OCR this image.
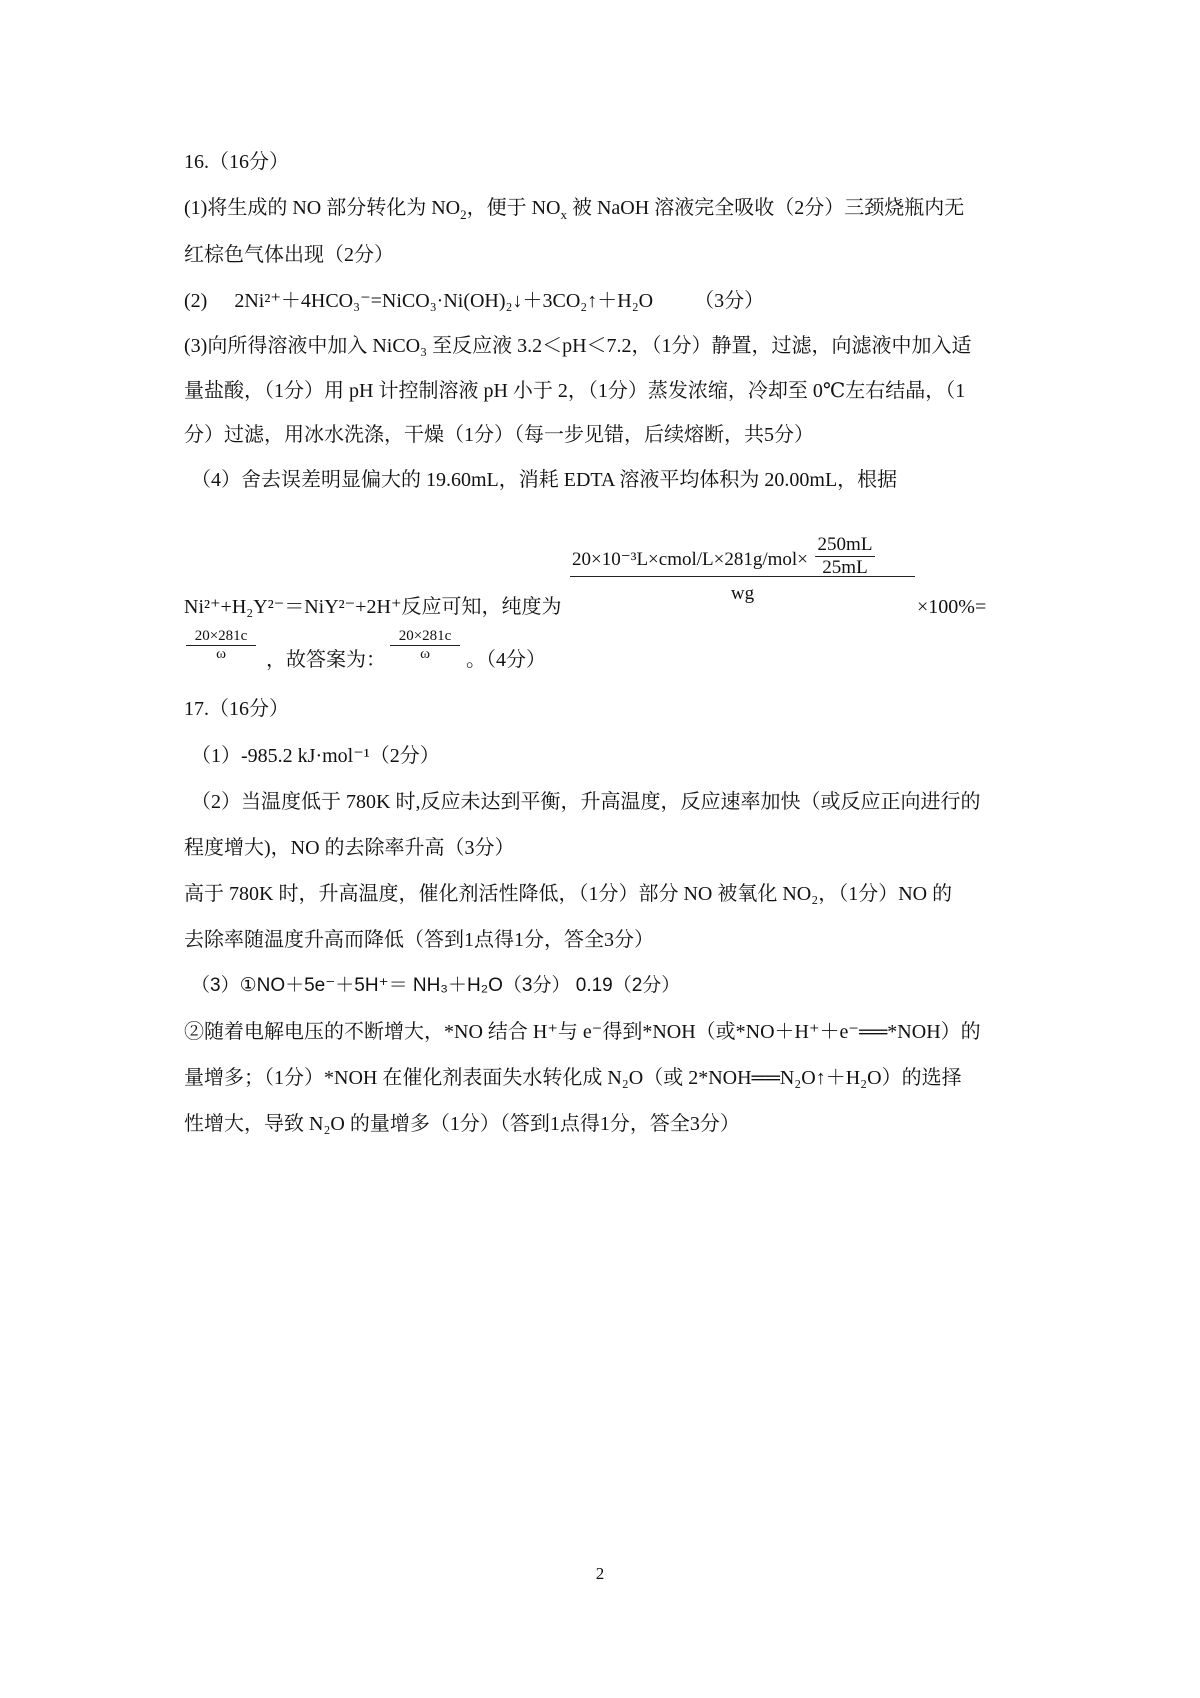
16.（16分）
(1)将生成的 NO 部分转化为 $NO_2$，便于 $NO_x$ 被 NaOH 溶液完全吸收（2分）三颈烧瓶内无
红棕色气体出现（2分）
(2) 2Ni²⁺＋4HCO₃⁻=NiCO₃·Ni(OH)₂↓＋3CO₂↑＋H₂O （3分）
(3)向所得溶液中加入 NiCO₃ 至反应液 3.2＜pH＜7.2，（1分）静置，过滤，向滤液中加入适
量盐酸，（1分）用 pH 计控制溶液 pH 小于 2，（1分）蒸发浓缩，冷却至 0℃左右结晶，（1
分）过滤，用冰水洗涤，干燥（1分）（每一步见错，后续熔断，共5分）
（4）舍去误差明显偏大的 19.60mL，消耗 EDTA 溶液平均体积为 20.00mL，根据
20×10⁻³L×cmol/L×281g/mol× $\frac{250mL}{25mL}$
wg
Ni²⁺+H₂Y²⁻＝NiY²⁻+2H⁺反应可知，纯度为	×100%=
$\frac{20\times 281c}{\omega}$ ，故答案为： $\frac{20\times 281c}{\omega}$ 。（4分）
17.（16分）
（1）-985.2 kJ·mol⁻¹（2分）
（2）当温度低于 780K 时,反应未达到平衡，升高温度，反应速率加快（或反应正向进行的
程度增大)，NO 的去除率升高（3分）
高于 780K 时，升高温度，催化剂活性降低，（1分）部分 NO 被氧化 NO₂，（1分）NO 的
去除率随温度升高而降低（答到1点得1分，答全3分）
（3）①NO＋5e⁻＋5H⁺＝ NH₃＋H₂O（3分） 0.19（2分）
②随着电解电压的不断增大，*NO 结合 H⁺与 e⁻得到*NOH（或*NO＋H⁺＋e⁻══*NOH）的
量增多；（1分）*NOH 在催化剂表面失水转化成 N₂O（或 2*NOH══N₂O↑＋H₂O）的选择
性增大，导致 N₂O 的量增多（1分）（答到1点得1分，答全3分）
2
